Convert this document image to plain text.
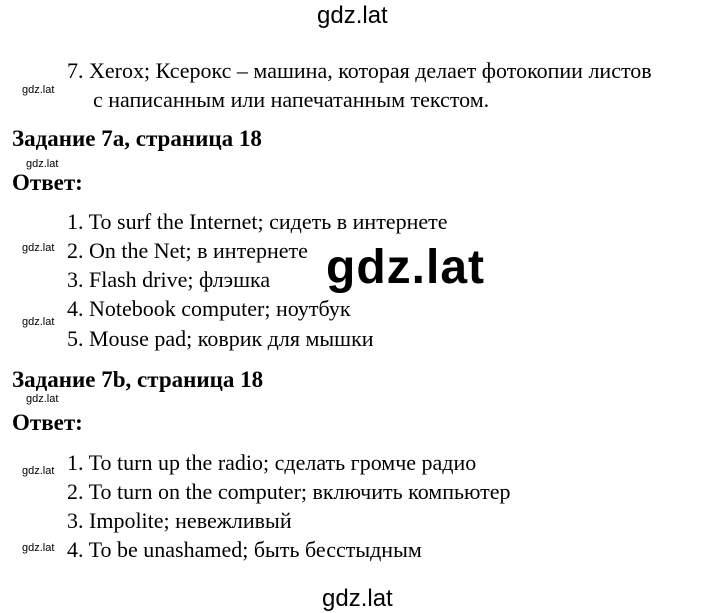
gdz.lat
7. Xerox; Ксерокс – машина, которая делает фотокопии листов
gdz.lat с написанным или напечатанным текстом.
Задание 7a, страница 18
gdz.lat
Ответ:
1. To surf the Internet; сидеть в интернете
gdz.lat 2. On the Net; в интернете
3. Flash drive; флэшка
4. Notebook computer; ноутбук
gdz.lat
5. Mouse pad; коврик для мышки
gdz.lat
Задание 7b, страница 18
gdz.lat
Ответ:
gdz.lat 1. To turn up the radio; сделать громче радио
2. To turn on the computer; включить компьютер
3. Impolite; невежливый
gdz.lat 4. To be unashamed; быть бесстыдным
gdz.lat
